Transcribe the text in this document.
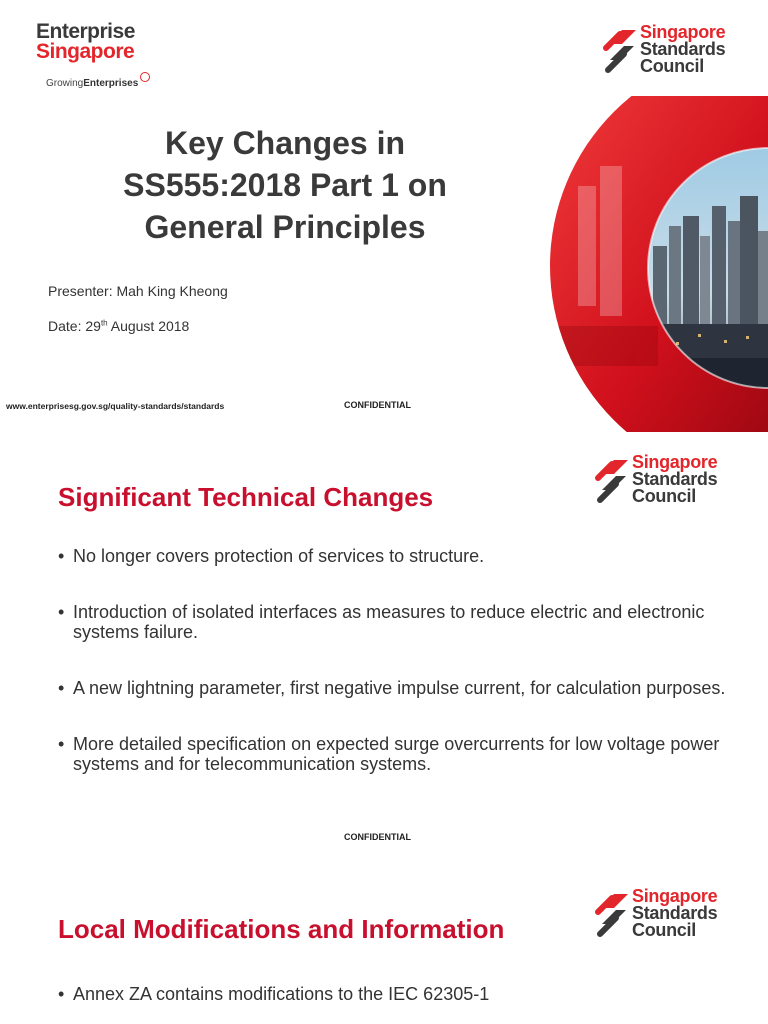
Enterprise
Singapore
GrowingEnterprises
Singapore
Standards
Council
Key Changes in
SS555:2018 Part 1 on
General Principles
Presenter: Mah King Kheong
Date: 29th August 2018
www.enterprisesg.gov.sg/quality-standards/standards	CONFIDENTIAL
Singapore
Standards
Council
Significant Technical Changes
• No longer covers protection of services to structure.
• Introduction of isolated interfaces as measures to reduce electric and electronic systems failure.
• A new lightning parameter, first negative impulse current, for calculation purposes.
• More detailed specification on expected surge overcurrents for low voltage power systems and for telecommunication systems.
CONFIDENTIAL
Singapore
Standards
Council
Local Modifications and Information
• Annex ZA contains modifications to the IEC 62305-1
